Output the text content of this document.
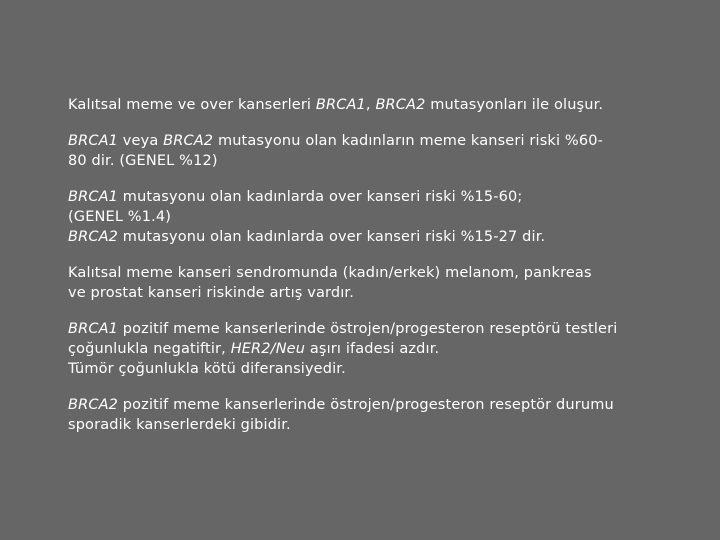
Kalıtsal meme ve over kanserleri BRCA1, BRCA2 mutasyonları ile oluşur.
BRCA1 veya BRCA2 mutasyonu olan kadınların meme kanseri riski %60-
80 dir. (GENEL %12)
BRCA1 mutasyonu olan kadınlarda over kanseri riski %15-60;
(GENEL %1.4)
BRCA2 mutasyonu olan kadınlarda over kanseri riski %15-27 dir.
Kalıtsal meme kanseri sendromunda (kadın/erkek) melanom, pankreas
ve prostat kanseri riskinde artış vardır.
BRCA1 pozitif meme kanserlerinde östrojen/progesteron reseptörü testleri
çoğunlukla negatiftir, HER2/Neu aşırı ifadesi azdır.
Tümör çoğunlukla kötü diferansiyedir.
BRCA2 pozitif meme kanserlerinde östrojen/progesteron reseptör durumu
sporadik kanserlerdeki gibidir.
